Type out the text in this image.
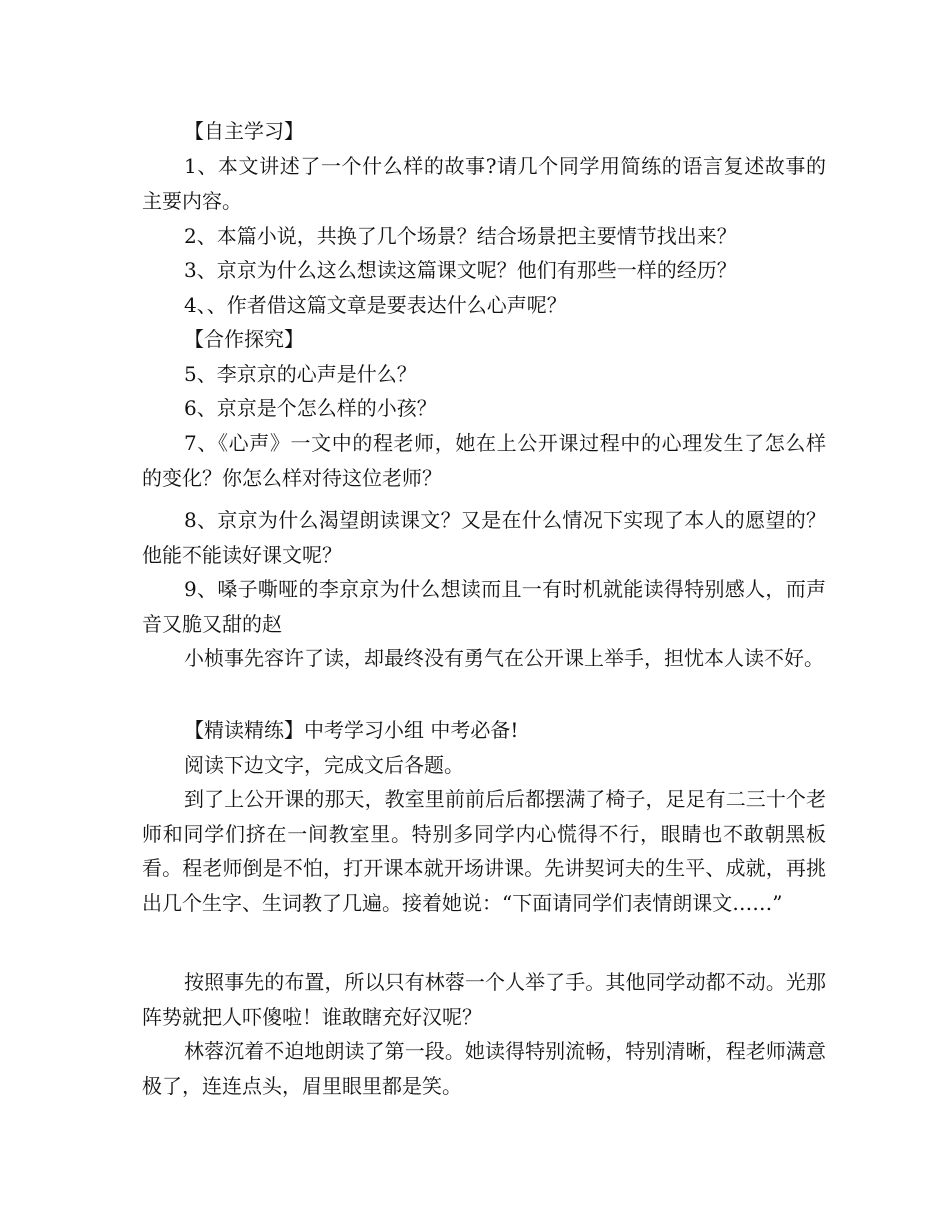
【自主学习】

1、本文讲述了一个什么样的故事?请几个同学用简练的语言复述故事的主要内容。

2、本篇小说，共换了几个场景？结合场景把主要情节找出来？

3、京京为什么这么想读这篇课文呢？他们有那些一样的经历？

4、、作者借这篇文章是要表达什么心声呢？

【合作探究】

5、李京京的心声是什么？

6、京京是个怎么样的小孩？

7、《心声》一文中的程老师，她在上公开课过程中的心理发生了怎么样的变化？你怎么样对待这位老师？

8、京京为什么渴望朗读课文？又是在什么情况下实现了本人的愿望的？他能不能读好课文呢？

9、嗓子嘶哑的李京京为什么想读而且一有时机就能读得特别感人，而声音又脆又甜的赵

小桢事先容许了读，却最终没有勇气在公开课上举手，担忧本人读不好。

【精读精练】中考学习小组 中考必备!

阅读下边文字，完成文后各题。

到了上公开课的那天，教室里前前后后都摆满了椅子，足足有二三十个老师和同学们挤在一间教室里。特别多同学内心慌得不行，眼睛也不敢朝黑板看。程老师倒是不怕，打开课本就开场讲课。先讲契诃夫的生平、成就，再挑出几个生字、生词教了几遍。接着她说：“下面请同学们表情朗课文……”

按照事先的布置，所以只有林蓉一个人举了手。其他同学动都不动。光那阵势就把人吓傻啦！谁敢瞎充好汉呢？

林蓉沉着不迫地朗读了第一段。她读得特别流畅，特别清晰，程老师满意极了，连连点头，眉里眼里都是笑。
